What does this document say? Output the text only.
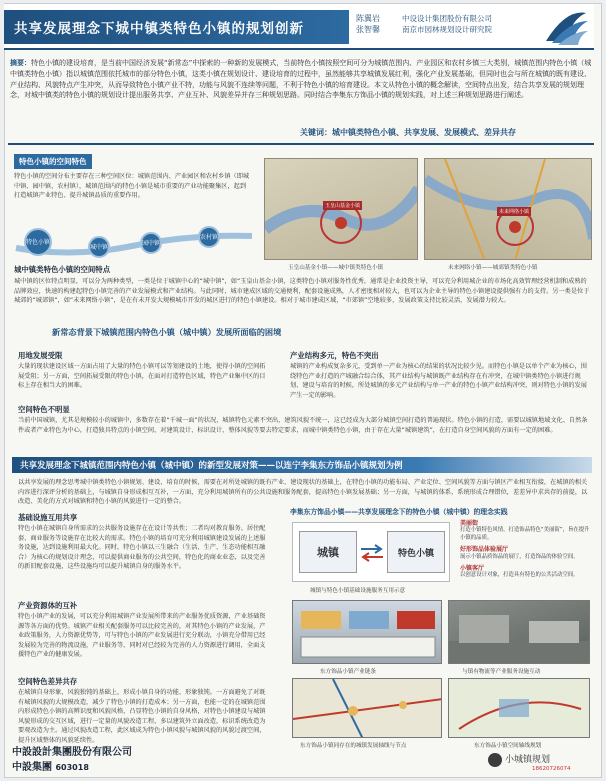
共享发展理念下城中镇类特色小镇的规划创新
陈翼岩
张智馨
中设设计集团股份有限公司
南京市园林规划设计研究院
摘要：特色小镇的建设培育，是当前中国经济发展“新常态”中探索的一种新的发展模式，当前特色小镇按照空间可分为城镇范围内、产业园区和农村乡镇三大类别，城镇范围内特色小镇（城中镇类特色小镇）指以城镇范围依托城市的部分特色小镇，这类小镇在规划设计、建设培育的过程中，虽然能够共享城镇发展红利，强化产业发展基础，但同时也会与所在城镇的既有建设、产业结构、风貌特点产生冲突，从而导致特色小镇产业不特，功能与风貌不连续等问题，不利于特色小镇的培育建设。本文从特色小镇的概念解读，空间特点出发，结合共享发展的规划理念，对城中镇类的特色小镇的规划设计提出服务共享、产业互补、风貌差异并存三种规划思路。同时结合李集东方饰品小镇的规划实践，对上述三种规划思路进行阐述。
关键词：城中镇类特色小镇、共享发展、发展模式、差异共存
特色小镇的空间特色
特色小镇的空间分布主要存在三种空间区位：城镇范围内、产业园区和农村乡镇（即城中镇、园中镇、农村镇），城镇范围内的特色小镇是城市重要的产业功能聚集区，起到打造城镇产业特色、提升城镇品质的重要作用。
特色小镇
城中镇
园中镇
农村镇
玉皇山基金小镇
未来网络小镇
玉皇山基金小镇——城中镇类特色小镇	未来网络小镇——城郊镇类特色小镇
城中镇类特色小镇的空间特点
城中镇的区位特点明显，可以分为两种类型，一类是位于城镇中心的“城中镇”，如“玉皇山基金小镇，这类特色小镇对服务性优秀，通常是企业投资主导，可以充分利用城企业的市场化高效管理经营机制和成熟的品牌效应，快速的构建起特色小镇完善的产业发展模式和产业结构。与此同时，城市建成区域的交通便利，配套设施成熟，人才密度相对较大，也可以为企业主导的特色小镇建设提供强有力的支持。另一类是位于城郊的“城郊镇”，如“未来网络小镇”，是在有未开发大规模城市开发的城区进行的特色小镇建设。相对于城市建成区域，“市郊镇”空地较多，发展政策支持比较灵活，发展潜力较大。
新常态背景下城镇范围内特色小镇（城中镇）发展所面临的困境
用地发展受限
大量的现状建设区域一方面占用了大量的特色小镇可以等划建设的土地，使得小镇的空间拓展受阻；另一方面，空间拓展受限的特色小镇，在面对打造特色区域，特色产业集中区的目标上存在相当大的困难。
产业结构多元，特色不突出
城镇的产业构成复杂多元，受到单一产业为核心的结果的状况比较少见。而特色小镇是以单个产业为核心，围绕特色产业打造的产城融合综合体，其产业结构与城镇既产业结构存在有冲突，在城中镇类特色小镇进行规划、建设与培育的时候，所处城镇的多元产业结构与单一产业的特色小镇产业结构冲突，则对特色小镇的发展产生一定的影响。
空间特色不明显
当前中国城镇，尤其是规模较小的城镇中，多数存在着“千城一面”的状况，城镇特色元素不突出，建筑风貌不统一，这已经成为大部分城镇空间打造的普遍现状。特色小镇的打造，需要以城镇地域文化、自然条件或者产业特色为中心，打造独具特点的小镇空间，对建筑设计、标识设计、整体风貌等要去特定要求，而城中镇类特色小镇，由于存在大量“城镇建筑”，在打造自身空间风貌的方面有一定的困难。
共享发展理念下城镇范围内特色小镇（城中镇）的新型发展对策——以连宁李集东方饰品小镇规划为例
以共享发展的理念思考城中镇类特色小镇规划、建设、培育的时候，需要在对所处城镇的既有产业、建设现状的基础上，在特色小镇的功能布局、产业定位、空间风貌等方面与镇区产业相互衔接，在城镇的相关内容进行深评分析的基础上，与城镇自身形成相互互补，一方面，充分利用城镇所有的公共设施和服务配套，提高特色小镇发展基础；另一方面，与城镇的体系，系统形成合理错位，差差异中求共存的前提，以改造、美化的方式对城镇和特色小镇的风貌进行一定的整合。
基础设施互用共享
特色小镇在城镇自身所需求的公共服务设施存在在设计等共性；二者均对教育服务、居住配套、商业服务等设施存在比较大的需求。特色小镇的培育可充分利用城镇建设发展的上述服务设施，达到设施利用最大化。同时，特色小镇以三生融合（生活、生产、生态功能相互融合）为核心的规划设计理念，可以提供商业服务的公共空间，特色化的商业业态，以及完善的新旧配套设施，这些设施均可以提升城镇自身的服务水平。
产业资源体的互补
特色小镇产业的发展，可以充分利用城镇产业发展所带来的产业服务优质资源，产业基础资源等各方面的优势。城镇产业相关配套服务可以比较完善的，对其特色小镇的产业发展，产业政策服务，人力资源优势等，可与特色小镇的产业发展进行充分联动，小镇充分借用已经发展较为完善的物流设施，产业服务等，同时对已经较为完善的人力资源进行调用，全面支援特色产业的健康发展。
空间特色差异共存
在城镇自身形象、风貌独钝的基础上，形成小镇自身的功能、形象独钝。一方面避免了对既有城镇风貌的大规模改造，减少了特色小镇的打造成本；另一方面，也能一定的在城镇范围内形成特色小镇的高辨识度和风貌风格，凸显特色小镇的自身风格，对特色小镇建设与城镇风貌形成的交互区域，进行一定量的风貌改造工程，多以建筑外立面改造，标识系统改造为要观改造为主。通过风貌改造工程，此区域成为特色小镇风貌与城镇风貌的风貌过渡空间，提升区域整体的风貌延续性。
李集东方饰品小镇——共享发展理念下的特色小镇（城中镇）的理念实践
城镇	特色小镇
城镇与特色小镇基础设施服务互用示意
美丽街
打造小镇特色风情，打造饰品特色“美丽街”，旨在提升小镇的品质。
好形饰品体验展厅
展示小镇品质饰品的展厅，打造饰品的体验空间。
小镇客厅
以创意设计对象，打造具有特色的公共活动空间。
东方饰品小镇产业链条	与镇有物流等产业服务设施互动
东方饰品小镇同存在的城镇发展轴线与节点	东方饰品小镇空间轴线规划
中設設計集團股份有限公司
中設集團 603018
小城镇规划
18620726074
